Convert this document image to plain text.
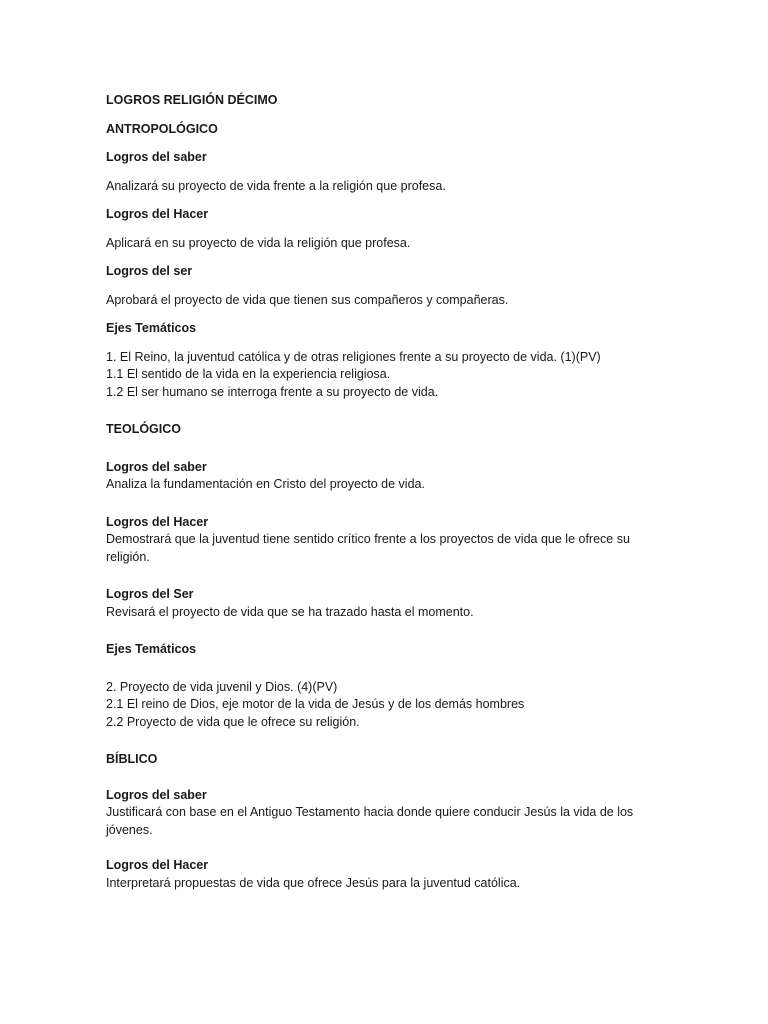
LOGROS RELIGIÓN DÉCIMO

ANTROPOLÓGICO

Logros del saber

Analizará su proyecto de vida frente a la religión que profesa.

Logros del Hacer

Aplicará en su proyecto de vida la religión que profesa.

Logros del ser

Aprobará el proyecto de vida que tienen sus compañeros y compañeras.

Ejes Temáticos

1. El Reino, la juventud católica y de otras religiones frente a su proyecto de vida. (1)(PV)

1.1 El sentido de la vida en la experiencia religiosa.

1.2 El ser humano se interroga frente a su proyecto de vida.

TEOLÓGICO

Logros del saber

Analiza la fundamentación en Cristo del proyecto de vida.

Logros del Hacer

Demostrará que la juventud tiene sentido crítico frente a los proyectos de vida que le ofrece su religión.

Logros del Ser

Revisará el proyecto de vida que se ha trazado hasta el momento.

Ejes Temáticos

2. Proyecto de vida juvenil y Dios. (4)(PV)

2.1 El reino de Dios, eje motor de la vida de Jesús y de los demás hombres

2.2 Proyecto de vida que le ofrece su religión.

BÍBLICO

Logros del saber

Justificará con base en el Antiguo Testamento hacia donde quiere conducir Jesús la vida de los jóvenes.

Logros del Hacer

Interpretará propuestas de vida que ofrece Jesús para la juventud católica.
